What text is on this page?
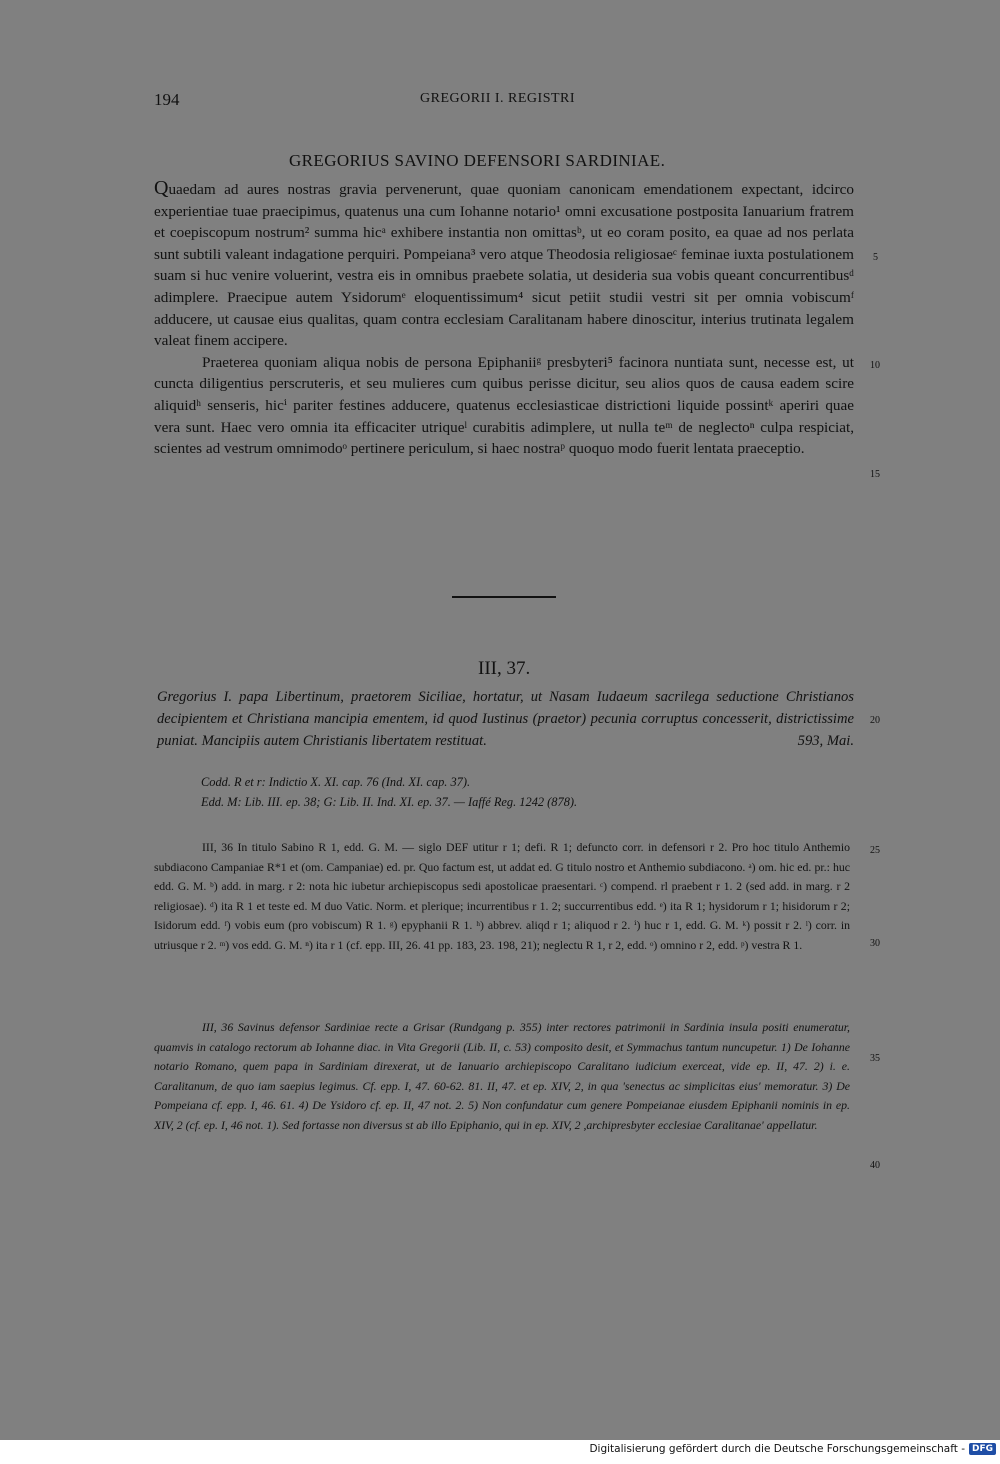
194	GREGORII I. REGISTRI
GREGORIUS SAVINO DEFENSORI SARDINIAE.

Quaedam ad aures nostras gravia pervenerunt, quae quoniam canonicam emendationem expectant, idcirco experientiae tuae praecipimus, quatenus una cum Iohanne notario¹ omni excusatione postposita Ianuarium fratrem et coepiscopum nostrum² summa hicᵃ exhibere instantia non omittasᵇ, ut eo coram posito, ea quae ad nos perlata sunt subtili valeant indagatione perquiri. Pompeiana³ vero atque Theodosia religiosaeᶜ feminae iuxta postulationem suam si huc venire voluerint, vestra eis in omnibus praebete solatia, ut desideria sua vobis queant concurrentibusᵈ adimplere. Praecipue autem Ysidorumᵉ eloquentissimum⁴ sicut petiit studii vestri sit per omnia vobiscumᶠ adducere, ut causae eius qualitas, quam contra ecclesiam Caralitanam habere dinoscitur, interius trutinata legalem valeat finem accipere.

Praeterea quoniam aliqua nobis de persona Epiphaniiᵍ presbyteri⁵ facinora nuntiata sunt, necesse est, ut cuncta diligentius perscruteris, et seu mulieres cum quibus perisse dicitur, seu alios quos de causa eadem scire aliquidʰ senseris, hicⁱ pariter festines adducere, quatenus ecclesiasticae districtioni liquide possintᵏ aperiri quae vera sunt. Haec vero omnia ita efficaciter utriqueˡ curabitis adimplere, ut nulla teᵐ de neglectoⁿ culpa respiciat, scientes ad vestrum omnimodoᵒ pertinere periculum, si haec nostraᵖ quoquo modo fuerit lentata praeceptio.

5
10
15
III, 37.
Gregorius I. papa Libertinum, praetorem Siciliae, hortatur, ut Nasam Iudaeum sacrilega seductione Christianos decipientem et Christiana mancipia ementem, id quod Iustinus (praetor) pecunia corruptus concesserit, districtissime puniat. Mancipiis autem Christianis libertatem restituat.	593, Mai.
20
Codd. R et r: Indictio X. XI. cap. 76 (Ind. XI. cap. 37).
Edd. M: Lib. III. ep. 38; G: Lib. II. Ind. XI. ep. 37. — Iaffé Reg. 1242 (878).

III, 36 In titulo Sabino R 1, edd. G. M. — siglo DEF utitur r 1; defi. R 1; defuncto corr. in defensori r 2. Pro hoc titulo Anthemio subdiacono Campaniae R*1 et (om. Campaniae) ed. pr. Quo factum est, ut addat ed. G titulo nostro et Anthemio subdiacono. ᵃ) om. hic ed. pr.: huc edd. G. M. ᵇ) add. in marg. r 2: nota hic iubetur archiepiscopus sedi apostolicae praesentari. ᶜ) compend. rl praebent r 1. 2 (sed add. in marg. r 2 religiosae). ᵈ) ita R 1 et teste ed. M duo Vatic. Norm. et plerique; incurrentibus r 1. 2; succurrentibus edd. ᵉ) ita R 1; hysidorum r 1; hisidorum r 2; Isidorum edd. ᶠ) vobis eum (pro vobiscum) R 1. ᵍ) epyphanii R 1. ʰ) abbrev. aliqd r 1; aliquod r 2. ⁱ) huc r 1, edd. G. M. ᵏ) possit r 2. ˡ) corr. in utriusque r 2. ᵐ) vos edd. G. M. ⁿ) ita r 1 (cf. epp. III, 26. 41 pp. 183, 23. 198, 21); neglectu R 1, r 2, edd. ᵒ) omnino r 2, edd. ᵖ) vestra R 1.

25
30

III, 36 Savinus defensor Sardiniae recte a Grisar (Rundgang p. 355) inter rectores patrimonii in Sardinia insula positi enumeratur, quamvis in catalogo rectorum ab Iohanne diac. in Vita Gregorii (Lib. II, c. 53) composito desit, et Symmachus tantum nuncupetur. 1) De Iohanne notario Romano, quem papa in Sardiniam direxerat, ut de Ianuario archiepiscopo Caralitano iudicium exerceat, vide ep. II, 47. 2) i. e. Caralitanum, de quo iam saepius legimus. Cf. epp. I, 47. 60-62. 81. II, 47. et ep. XIV, 2, in qua 'senectus ac simplicitas eius' memoratur. 3) De Pompeiana cf. epp. I, 46. 61. 4) De Ysidoro cf. ep. II, 47 not. 2. 5) Non confundatur cum genere Pompeianae eiusdem Epiphanii nominis in ep. XIV, 2 (cf. ep. I, 46 not. 1). Sed fortasse non diversus st ab illo Epiphanio, qui in ep. XIV, 2 ,archipresbyter ecclesiae Caralitanae' appellatur.

35
40
Digitalisierung gefördert durch die Deutsche Forschungsgemeinschaft - DFG
